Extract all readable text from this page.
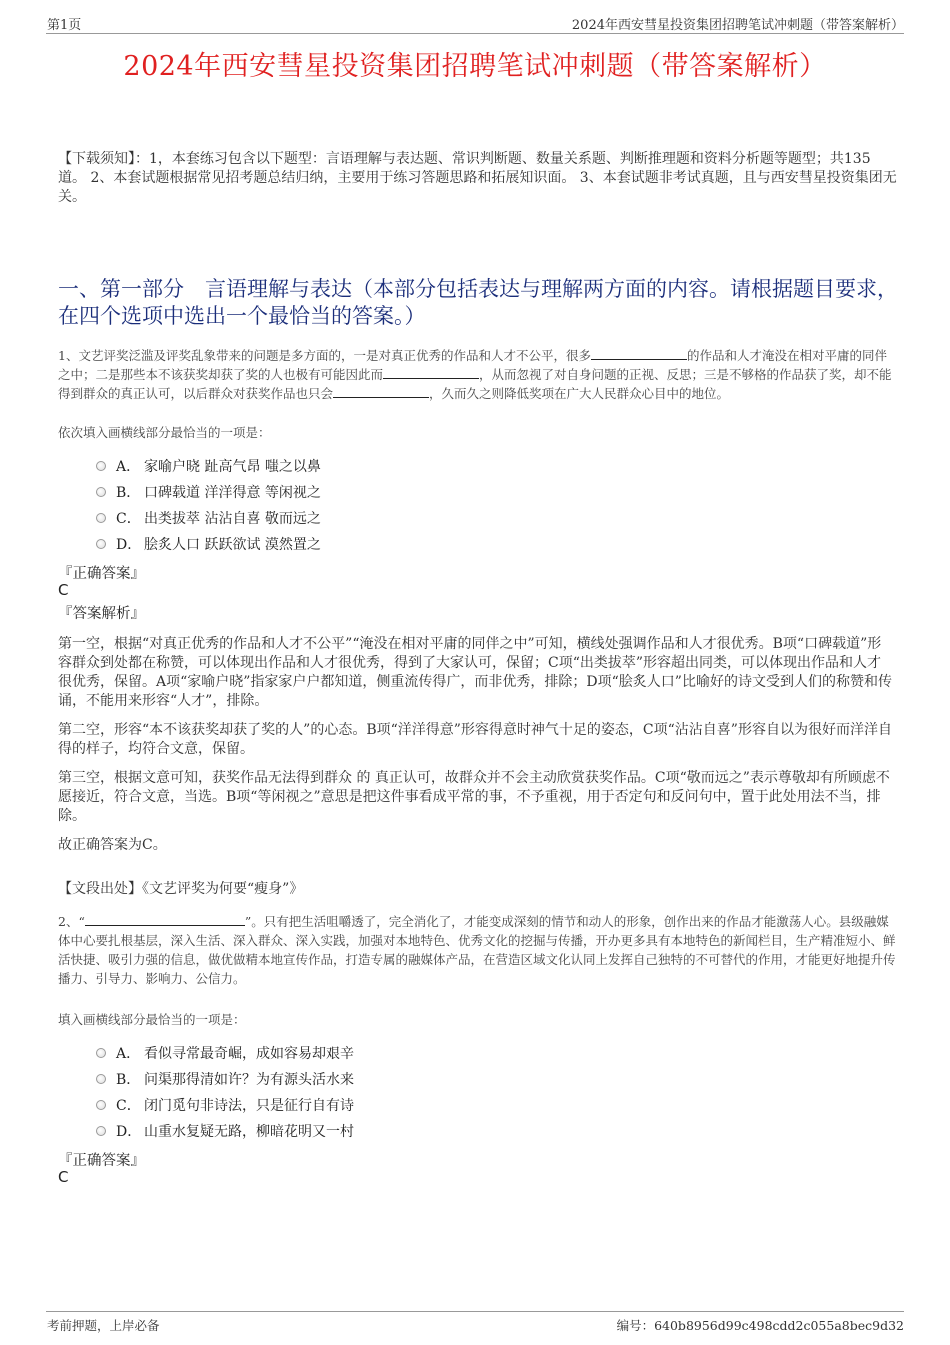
第1页	2024年西安彗星投资集团招聘笔试冲刺题（带答案解析）
2024年西安彗星投资集团招聘笔试冲刺题（带答案解析）
【下载须知】：1，本套练习包含以下题型：言语理解与表达题、常识判断题、数量关系题、判断推理题和资料分析题等题型；共135道。 2、本套试题根据常见招考题总结归纳，主要用于练习答题思路和拓展知识面。 3、本套试题非考试真题，且与西安彗星投资集团无关。
一、第一部分　言语理解与表达（本部分包括表达与理解两方面的内容。请根据题目要求，在四个选项中选出一个最恰当的答案。）
1、文艺评奖泛滥及评奖乱象带来的问题是多方面的，一是对真正优秀的作品和人才不公平，很多	的作品和人才淹没在相对平庸的同伴之中；二是那些本不该获奖却获了奖的人也极有可能因此而	，从而忽视了对自身问题的正视、反思；三是不够格的作品获了奖，却不能得到群众的真正认可，以后群众对获奖作品也只会	，久而久之则降低奖项在广大人民群众心目中的地位。
依次填入画横线部分最恰当的一项是：
A． 家喻户晓 趾高气昂 嗤之以鼻
B． 口碑载道 洋洋得意 等闲视之
C． 出类拔萃 沾沾自喜 敬而远之
D． 脍炙人口 跃跃欲试 漠然置之
『正确答案』
C
『答案解析』

第一空，根据“对真正优秀的作品和人才不公平”“淹没在相对平庸的同伴之中”可知，横线处强调作品和人才很优秀。B项“口碑载道”形容群众到处都在称赞，可以体现出作品和人才很优秀，得到了大家认可，保留；C项“出类拔萃”形容超出同类，可以体现出作品和人才很优秀，保留。A项“家喻户晓”指家家户户都知道，侧重流传得广，而非优秀，排除；D项“脍炙人口”比喻好的诗文受到人们的称赞和传诵，不能用来形容“人才”，排除。

第二空，形容“本不该获奖却获了奖的人”的心态。B项“洋洋得意”形容得意时神气十足的姿态，C项“沾沾自喜”形容自以为很好而洋洋自得的样子，均符合文意，保留。

第三空，根据文意可知，获奖作品无法得到群众 的 真正认可，故群众并不会主动欣赏获奖作品。C项“敬而远之”表示尊敬却有所顾虑不愿接近，符合文意，当选。B项“等闲视之”意思是把这件事看成平常的事，不予重视，用于否定句和反问句中，置于此处用法不当，排除。

故正确答案为C。

【文段出处】《文艺评奖为何要“瘦身”》
2、“	”。只有把生活咀嚼透了，完全消化了，才能变成深刻的情节和动人的形象，创作出来的作品才能激荡人心。县级融媒体中心要扎根基层，深入生活、深入群众、深入实践，加强对本地特色、优秀文化的挖掘与传播，开办更多具有本地特色的新闻栏目，生产精准短小、鲜活快捷、吸引力强的信息，做优做精本地宣传作品，打造专属的融媒体产品，在营造区域文化认同上发挥自己独特的不可替代的作用，才能更好地提升传播力、引导力、影响力、公信力。
填入画横线部分最恰当的一项是：
A． 看似寻常最奇崛，成如容易却艰辛
B． 问渠那得清如许？为有源头活水来
C． 闭门觅句非诗法，只是征行自有诗
D． 山重水复疑无路，柳暗花明又一村
『正确答案』
C
考前押题，上岸必备	编号：640b8956d99c498cdd2c055a8bec9d32
